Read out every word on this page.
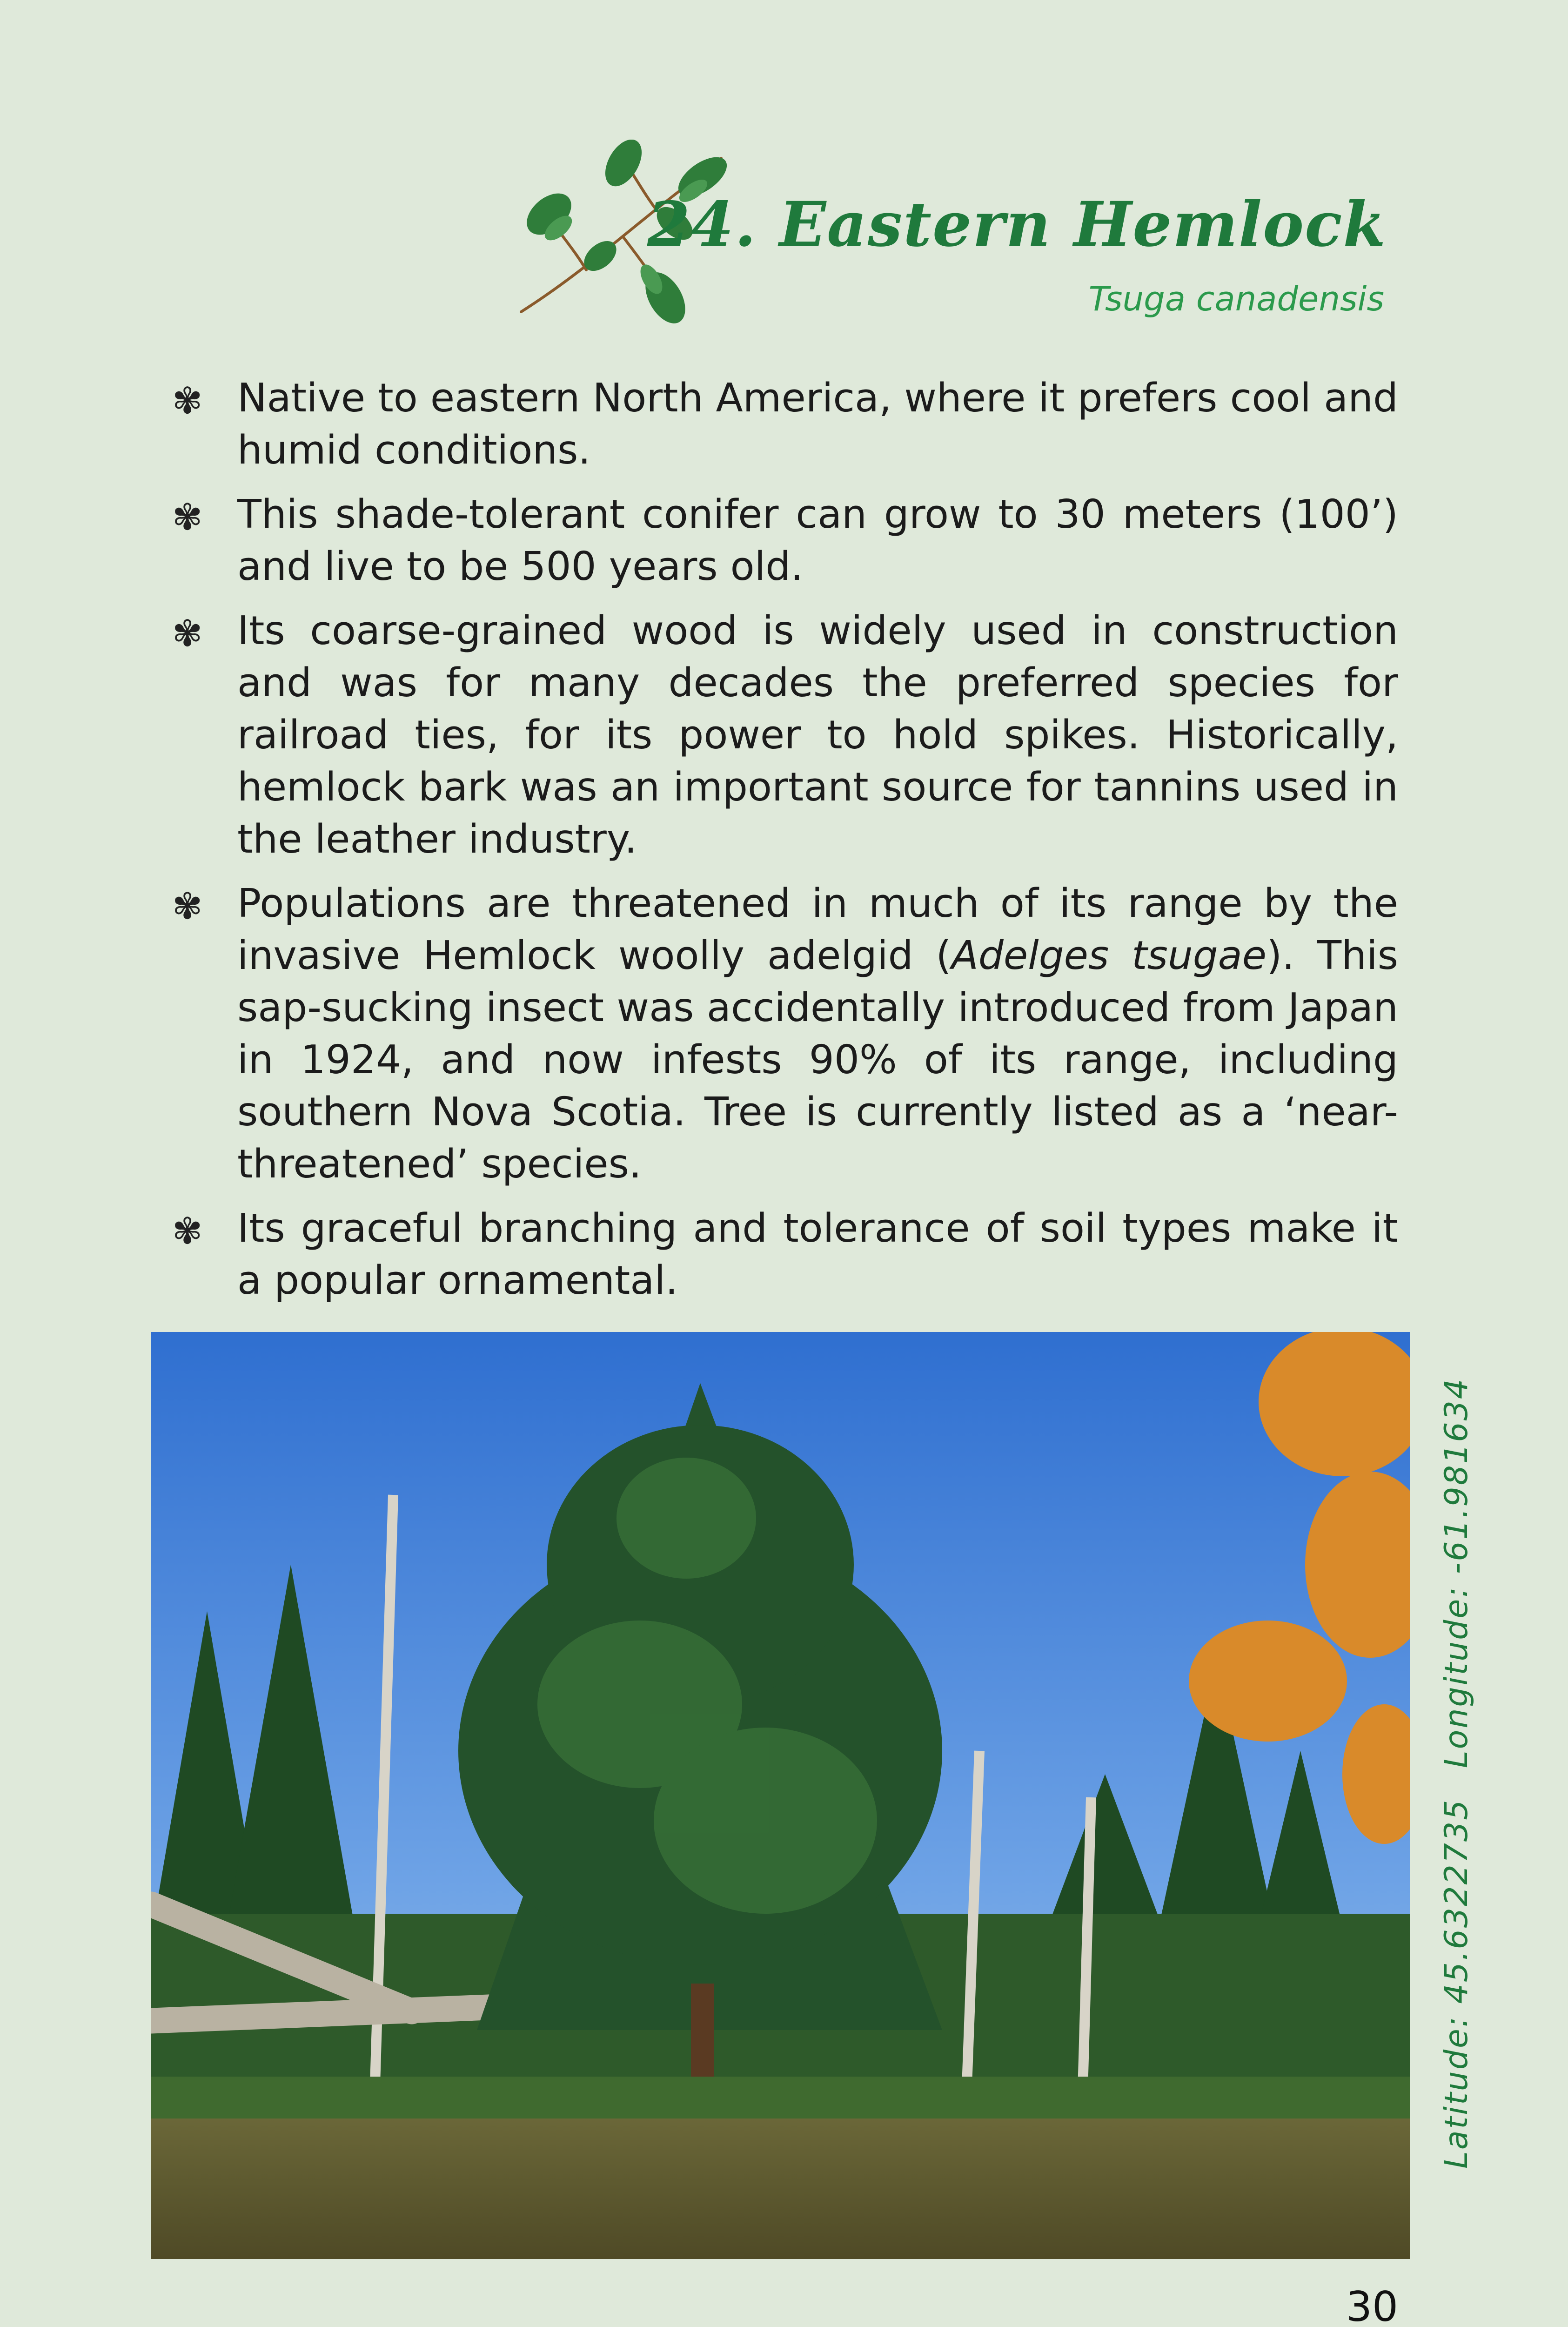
24. Eastern Hemlock
Tsuga canadensis
✾ Native to eastern North America, where it prefers cool and humid conditions.
✾ This shade-tolerant conifer can grow to 30 meters (100’) and live to be 500 years old.
✾ Its coarse-grained wood is widely used in construction and was for many decades the preferred species for railroad ties, for its power to hold spikes. Historically, hemlock bark was an important source for tannins used in the leather industry.
✾ Populations are threatened in much of its range by the invasive Hemlock woolly adelgid (Adelges tsugae). This sap-sucking insect was accidentally introduced from Japan in 1924, and now infests 90% of its range, including southern Nova Scotia. Tree is currently listed as a ‘near-threatened’ species.
✾ Its graceful branching and tolerance of soil types make it a popular ornamental.
Latitude: 45.6322735
Longitude: -61.981634
30
